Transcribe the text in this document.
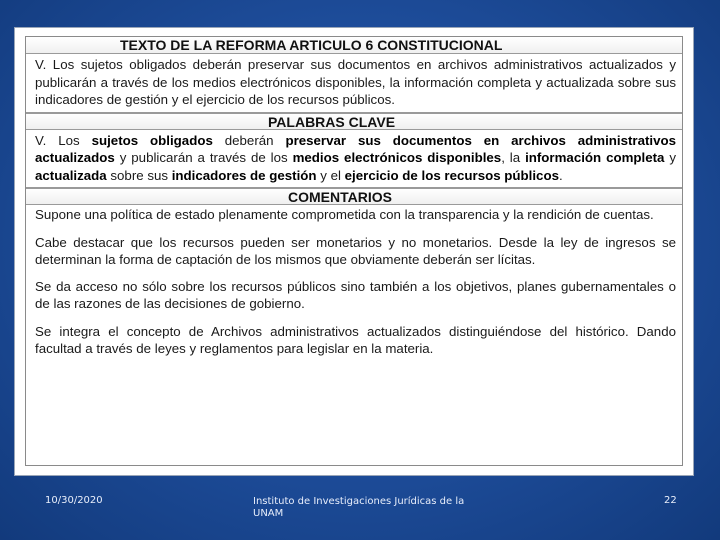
TEXTO DE LA REFORMA ARTICULO 6 CONSTITUCIONAL
V. Los sujetos obligados deberán preservar sus documentos en archivos administrativos actualizados y publicarán a través de los medios electrónicos disponibles, la información completa y actualizada sobre sus indicadores de gestión y el ejercicio de los recursos públicos.
PALABRAS CLAVE
V. Los sujetos obligados deberán preservar sus documentos en archivos administrativos actualizados y publicarán a través de los medios electrónicos disponibles, la información completa y actualizada sobre sus indicadores de gestión y el ejercicio de los recursos públicos.
COMENTARIOS

Supone una política de estado plenamente comprometida con la transparencia y la rendición de cuentas.

Cabe destacar que los recursos pueden ser monetarios y no monetarios. Desde la ley de ingresos se determinan la forma de captación de los mismos que obviamente deberán ser lícitas.

Se da acceso no sólo sobre los recursos públicos sino también a los objetivos, planes gubernamentales o de las razones de las decisiones de gobierno.

Se integra el concepto de Archivos administrativos actualizados distinguiéndose del histórico. Dando facultad a través de leyes y reglamentos para legislar en la materia.

10/30/2020	Instituto de Investigaciones Jurídicas de la UNAM
22
